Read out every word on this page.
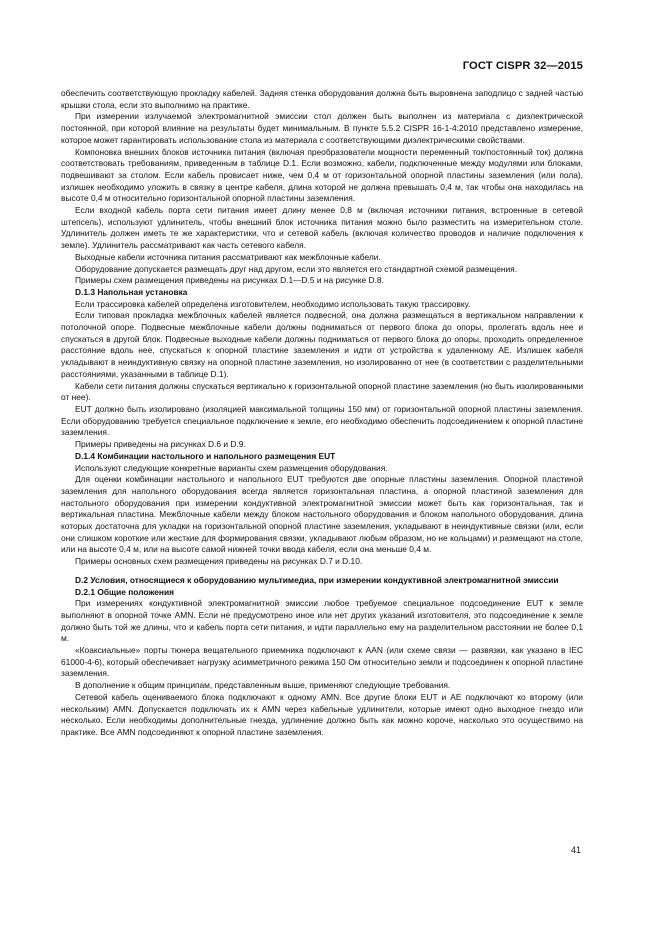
ГОСТ CISPR 32—2015

обеспечить соответствующую прокладку кабелей. Задняя стенка оборудования должна быть выровнена заподлицо с задней частью крышки стола, если это выполнимо на практике.

При измерении излучаемой электромагнитной эмиссии стол должен быть выполнен из материала с диэлектрической постоянной, при которой влияние на результаты будет минимальным. В пункте 5.5.2 CISPR 16-1-4:2010 представлено измерение, которое может гарантировать использование стола из материала с соответствующими диэлектрическими свойствами.

Компоновка внешних блоков источника питания (включая преобразователи мощности переменный ток/постоянный ток) должна соответствовать требованиям, приведенным в таблице D.1. Если возможно, кабели, подключенные между модулями или блоками, подвешивают за столом. Если кабель провисает ниже, чем 0,4 м от горизонтальной опорной пластины заземления (или пола), излишек необходимо уложить в связку в центре кабеля, длина которой не должна превышать 0,4 м, так чтобы она находилась на высоте 0,4 м относительно горизонтальной опорной пластины заземления.

Если входной кабель порта сети питания имеет длину менее 0,8 м (включая источники питания, встроенные в сетевой штепсель), используют удлинитель, чтобы внешний блок источника питания можно было разместить на измерительном столе. Удлинитель должен иметь те же характеристики, что и сетевой кабель (включая количество проводов и наличие подключения к земле). Удлинитель рассматривают как часть сетевого кабеля.

Выходные кабели источника питания рассматривают как межблочные кабели.

Оборудование допускается размещать друг над другом, если это является его стандартной схемой размещения.

Примеры схем размещения приведены на рисунках D.1—D.5 и на рисунке D.8.

D.1.3 Напольная установка

Если трассировка кабелей определена изготовителем, необходимо использовать такую трассировку.

Если типовая прокладка межблочных кабелей является подвесной, она должна размещаться в вертикальном направлении к потолочной опоре. Подвесные межблочные кабели должны подниматься от первого блока до опоры, пролегать вдоль нее и спускаться в другой блок. Подвесные выходные кабели должны подниматься от первого блока до опоры, проходить определенное расстояние вдоль нее, спускаться к опорной пластине заземления и идти от устройства к удаленному АЕ. Излишек кабеля укладывают в неиндуктивную связку на опорной пластине заземления, но изолированно от нее (в соответствии с разделительными расстояниями, указанными в таблице D.1).

Кабели сети питания должны спускаться вертикально к горизонтальной опорной пластине заземления (но быть изолированными от нее).

EUT должно быть изолировано (изоляцией максимальной толщины 150 мм) от горизонтальной опорной пластины заземления. Если оборудованию требуется специальное подключение к земле, его необходимо обеспечить подсоединением к опорной пластине заземления.

Примеры приведены на рисунках D.6 и D.9.

D.1.4 Комбинации настольного и напольного размещения EUT

Используют следующие конкретные варианты схем размещения оборудования.

Для оценки комбинации настольного и напольного EUT требуются две опорные пластины заземления. Опорной пластиной заземления для напольного оборудования всегда является горизонтальная пластина, а опорной пластиной заземления для настольного оборудования при измерении кондуктивной электромагнитной эмиссии может быть как горизонтальная, так и вертикальная пластина. Межблочные кабели между блоком настольного оборудования и блоком напольного оборудования, длина которых достаточна для укладки на горизонтальной опорной пластине заземления, укладывают в неиндуктивные связки (или, если они слишком короткие или жесткие для формирования связки, укладывают любым образом, но не кольцами) и размещают на столе, или на высоте 0,4 м, или на высоте самой нижней точки ввода кабеля, если она меньше 0,4 м.

Примеры основных схем размещения приведены на рисунках D.7 и D.10.

D.2 Условия, относящиеся к оборудованию мультимедиа, при измерении кондуктивной электромагнитной эмиссии

D.2.1 Общие положения

При измерениях кондуктивной электромагнитной эмиссии любое требуемое специальное подсоединение EUT к земле выполняют в опорной точке AMN. Если не предусмотрено иное или нет других указаний изготовителя, это подсоединение к земле должно быть той же длины, что и кабель порта сети питания, и идти параллельно ему на разделительном расстоянии не более 0,1 м.

«Коаксиальные» порты тюнера вещательного приемника подключают к AAN (или схеме связи — развязки, как указано в IEC 61000-4-6), который обеспечивает нагрузку асимметричного режима 150 Ом относительно земли и подсоединен к опорной пластине заземления.

В дополнение к общим принципам, представленным выше, применяют следующие требования.

Сетевой кабель оцениваемого блока подключают к одному AMN. Все другие блоки EUT и AE подключают ко второму (или нескольким) AMN. Допускается подключать их к AMN через кабельные удлинители, которые имеют одно выходное гнездо или несколько. Если необходимы дополнительные гнезда, удлинение должно быть как можно короче, насколько это осуществимо на практике. Все AMN подсоединяют к опорной пластине заземления.

41
